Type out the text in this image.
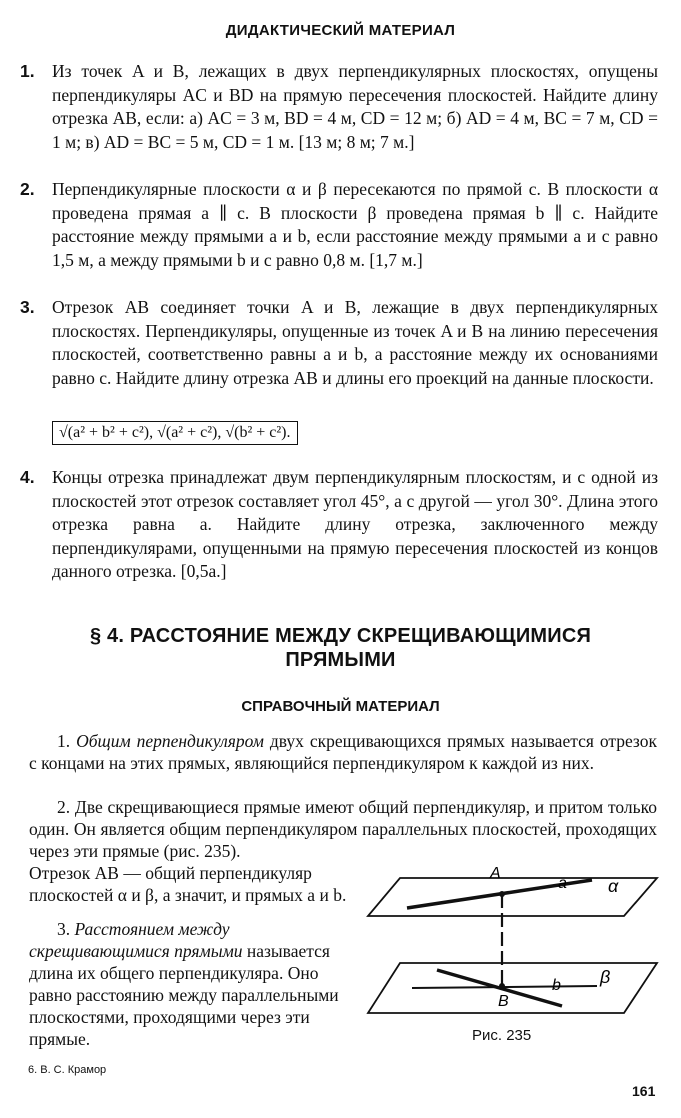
ДИДАКТИЧЕСКИЙ МАТЕРИАЛ
1. Из точек A и B, лежащих в двух перпендикулярных плоскостях, опущены перпендикуляры AC и BD на прямую пересечения плоскостей. Найдите длину отрезка AB, если: а) AC = 3 м, BD = 4 м, CD = 12 м; б) AD = 4 м, BC = 7 м, CD = 1 м; в) AD = BC = 5 м, CD = 1 м. [13 м; 8 м; 7 м.]
2. Перпендикулярные плоскости α и β пересекаются по прямой c. В плоскости α проведена прямая a ∥ c. В плоскости β проведена прямая b ∥ c. Найдите расстояние между прямыми a и b, если расстояние между прямыми a и c равно 1,5 м, а между прямыми b и c равно 0,8 м. [1,7 м.]
3. Отрезок AB соединяет точки A и B, лежащие в двух перпендикулярных плоскостях. Перпендикуляры, опущенные из точек A и B на линию пересечения плоскостей, соответственно равны a и b, а расстояние между их основаниями равно c. Найдите длину отрезка AB и длины его проекций на данные плоскости.
√(a² + b² + c²), √(a² + c²), √(b² + c²).
4. Концы отрезка принадлежат двум перпендикулярным плоскостям, и с одной из плоскостей этот отрезок составляет угол 45°, а с другой — угол 30°. Длина этого отрезка равна a. Найдите длину отрезка, заключенного между перпендикулярами, опущенными на прямую пересечения плоскостей из концов данного отрезка. [0,5a.]
§ 4. РАССТОЯНИЕ МЕЖДУ СКРЕЩИВАЮЩИМИСЯ
ПРЯМЫМИ
СПРАВОЧНЫЙ МАТЕРИАЛ
1. Общим перпендикуляром двух скрещивающихся прямых называется отрезок с концами на этих прямых, являющийся перпендикуляром к каждой из них.
2. Две скрещивающиеся прямые имеют общий перпендикуляр, и притом только один. Он является общим перпендикуляром параллельных плоскостей, проходящих через эти прямые (рис. 235).
Отрезок AB — общий перпендикуляр плоскостей α и β, а значит, и прямых a и b.
3. Расстоянием между скрещивающимися прямыми называется длина их общего перпендикуляра. Оно равно расстоянию между параллельными плоскостями, проходящими через эти прямые.
A
B
a
b
α
β
Рис. 235
6. В. С. Крамор
161
